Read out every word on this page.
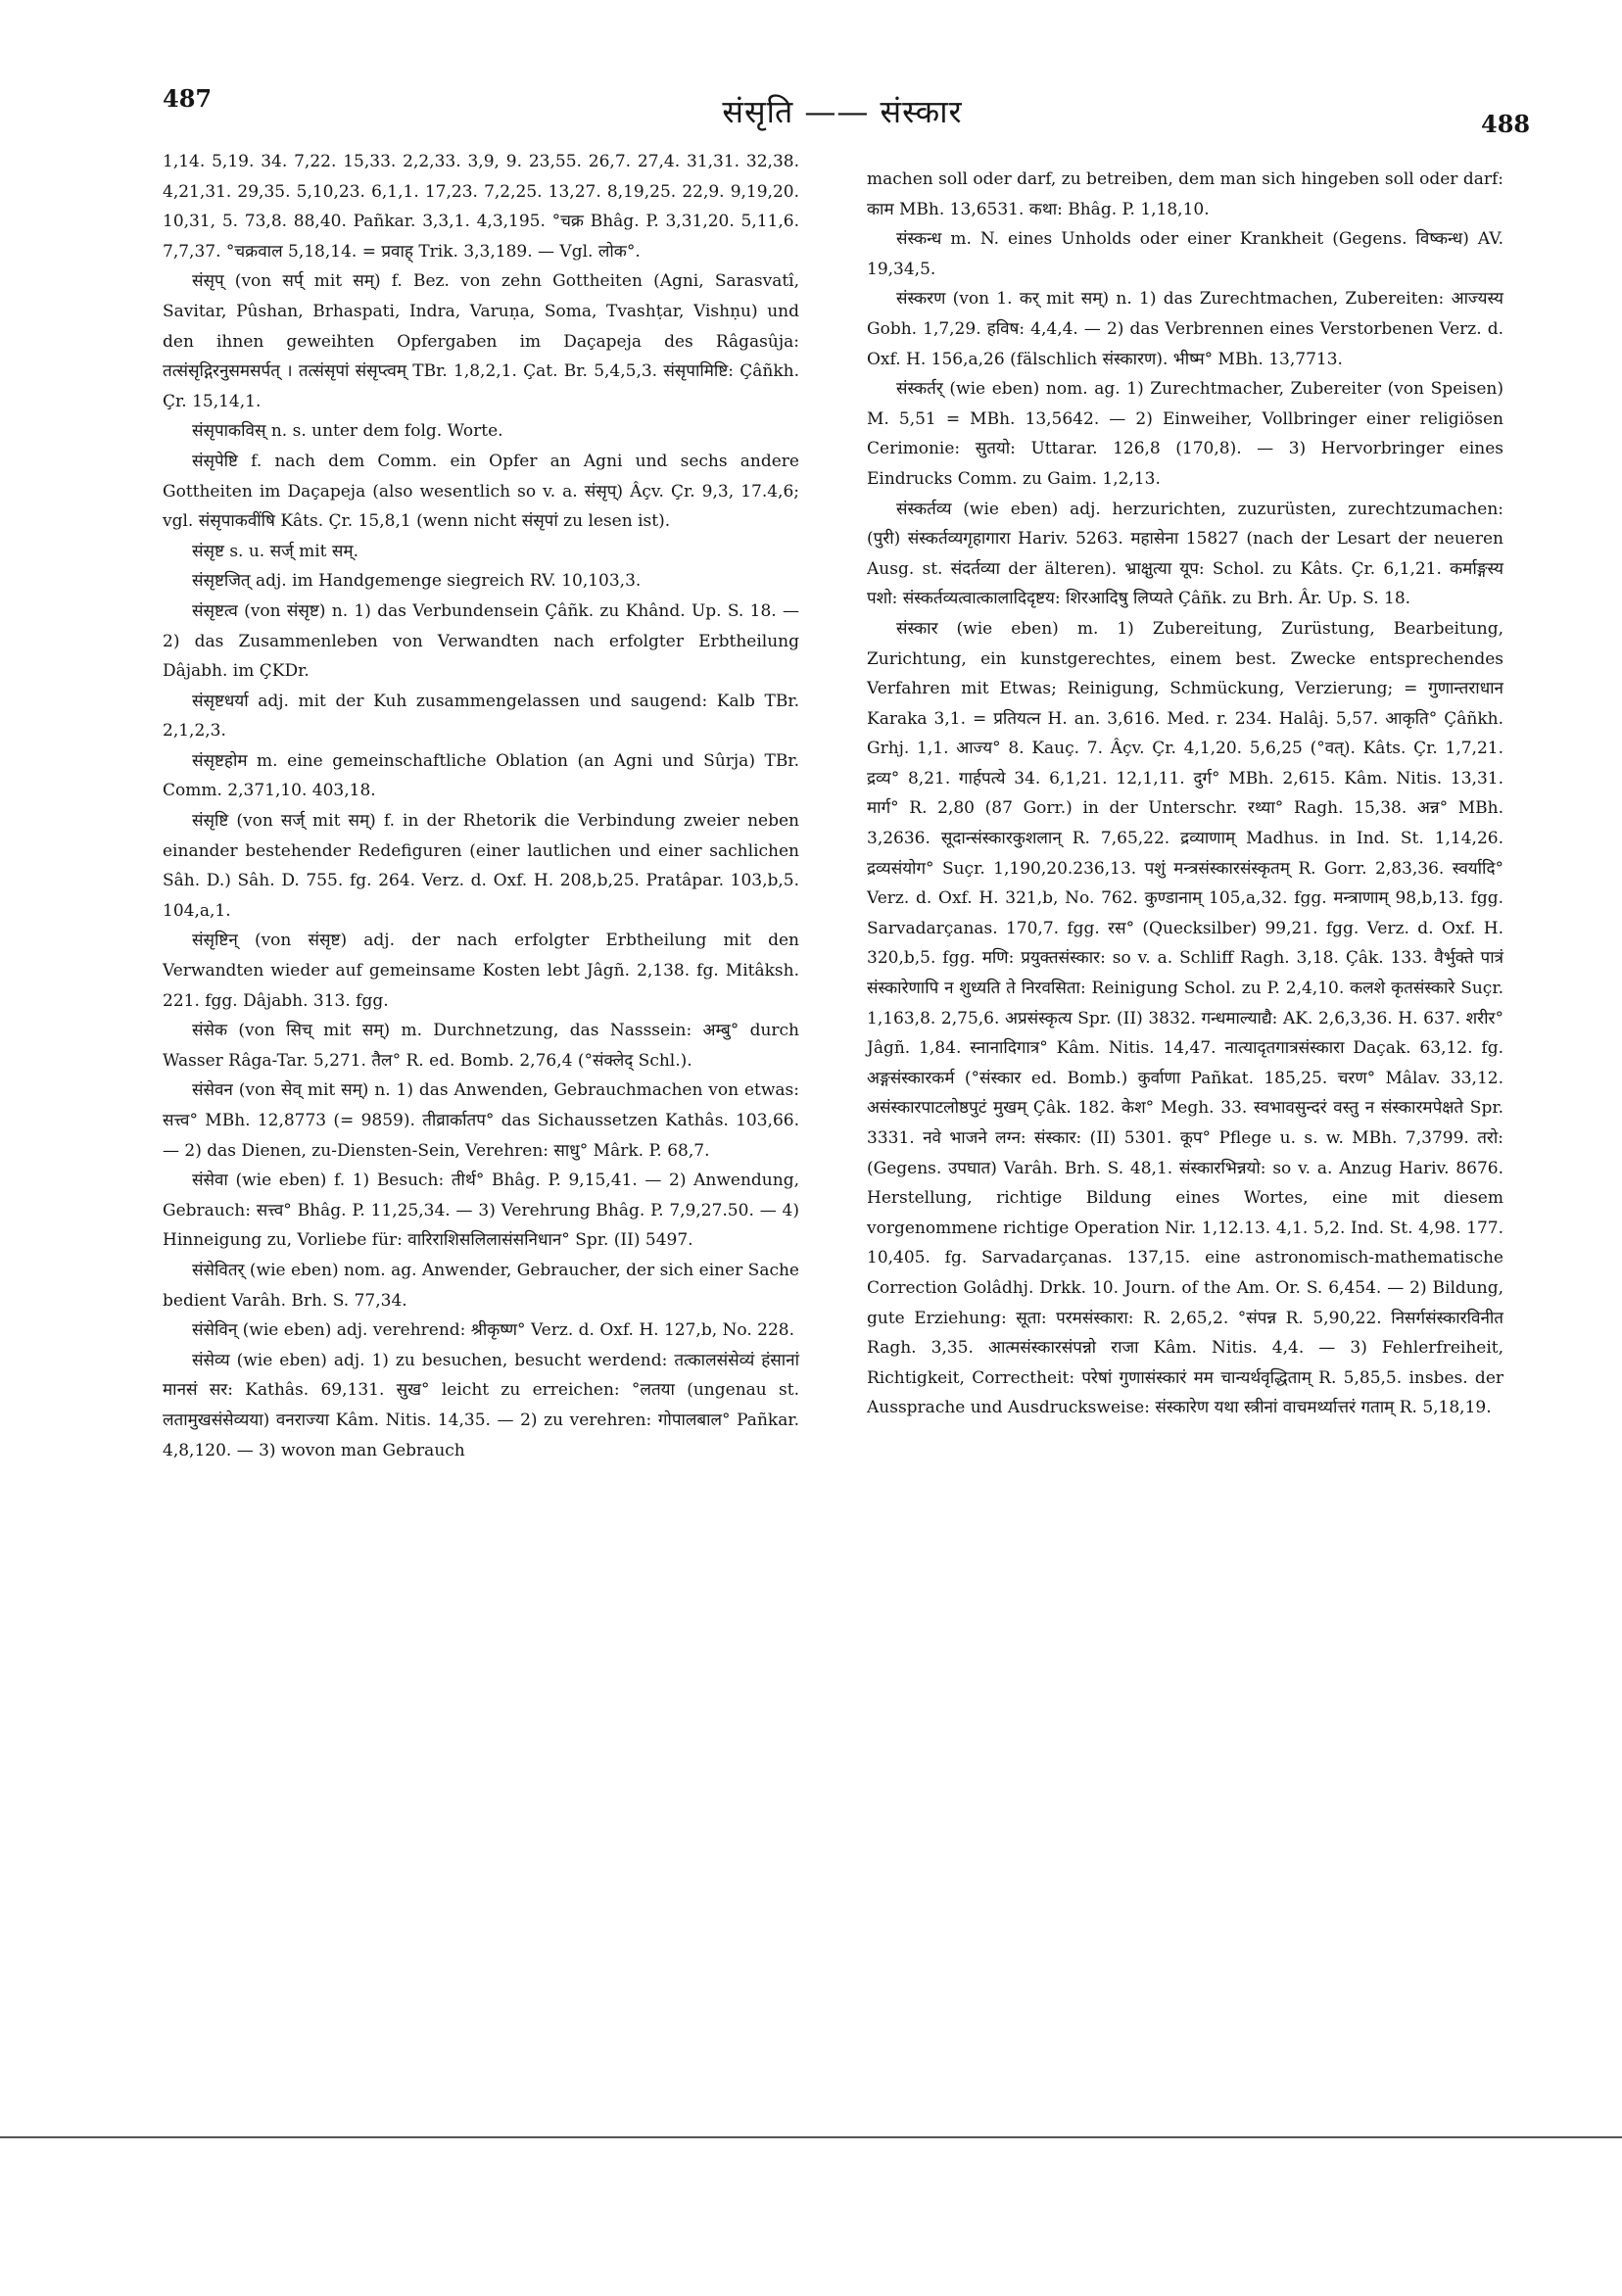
487	संसृति —— संस्कार	488

1,14. 5,19. 34. 7,22. 15,33. 2,2,33. 3,9, 9. 23,55. 26,7. 27,4. 31,31. 32,38. 4,21,31. 29,35. 5,10,23. 6,1,1. 17,23. 7,2,25. 13,27. 8,19,25. 22,9. 9,19,20. 10,31, 5. 73,8. 88,40. Pañkar. 3,3,1. 4,3,195. °चक्र Bhâg. P. 3,31,20. 5,11,6. 7,7,37. °चक्रवाल 5,18,14. = प्रवाह् Trik. 3,3,189. — Vgl. लोक°.

संसृप् (von सर्प् mit सम्) f. Bez. von zehn Gottheiten (Agni, Sarasvatî, Savitar, Pûshan, Brhaspati, Indra, Varuṇa, Soma, Tvashṭar, Vishṇu) und den ihnen geweihten Opfergaben im Daçapeja des Râgasûja: तत्संसृद्गिरनुसमसर्पत् । तत्संसृपां संसृप्त्वम् TBr. 1,8,2,1. Çat. Br. 5,4,5,3. संसृपामिष्टि: Çâñkh. Çr. 15,14,1.

संसृपाकविस् n. s. unter dem folg. Worte.

संसृपेष्टि f. nach dem Comm. ein Opfer an Agni und sechs andere Gottheiten im Daçapeja (also wesentlich so v. a. संसृप्) Âçv. Çr. 9,3, 17.4,6; vgl. संसृपाकवींषि Kâts. Çr. 15,8,1 (wenn nicht संसृपां zu lesen ist).

संसृष्ट s. u. सर्ज् mit सम्.

संसृष्टजित् adj. im Handgemenge siegreich RV. 10,103,3.

संसृष्टत्व (von संसृष्ट) n. 1) das Verbundensein Çâñk. zu Khând. Up. S. 18. — 2) das Zusammenleben von Verwandten nach erfolgter Erbtheilung Dâjabh. im ÇKDr.

संसृष्टधर्या adj. mit der Kuh zusammengelassen und saugend: Kalb TBr. 2,1,2,3.

संसृष्टहोम m. eine gemeinschaftliche Oblation (an Agni und Sûrja) TBr. Comm. 2,371,10. 403,18.

संसृष्टि (von सर्ज् mit सम्) f. in der Rhetorik die Verbindung zweier neben einander bestehender Redefiguren (einer lautlichen und einer sachlichen Sâh. D.) Sâh. D. 755. fg. 264. Verz. d. Oxf. H. 208,b,25. Pratâpar. 103,b,5. 104,a,1.

संसृष्टिन् (von संसृष्ट) adj. der nach erfolgter Erbtheilung mit den Verwandten wieder auf gemeinsame Kosten lebt Jâgñ. 2,138. fg. Mitâksh. 221. fgg. Dâjabh. 313. fgg.

संसेक (von सिच् mit सम्) m. Durchnetzung, das Nasssein: अम्बु° durch Wasser Râga-Tar. 5,271. तैल° R. ed. Bomb. 2,76,4 (°संक्लेद् Schl.).

संसेवन (von सेव् mit सम्) n. 1) das Anwenden, Gebrauchmachen von etwas: सत्त्व° MBh. 12,8773 (= 9859). तीव्रार्कातप° das Sichaussetzen Kathâs. 103,66. — 2) das Dienen, zu-Diensten-Sein, Verehren: साधु° Mârk. P. 68,7.

संसेवा (wie eben) f. 1) Besuch: तीर्थ° Bhâg. P. 9,15,41. — 2) Anwendung, Gebrauch: सत्त्व° Bhâg. P. 11,25,34. — 3) Verehrung Bhâg. P. 7,9,27.50. — 4) Hinneigung zu, Vorliebe für: वारिराशिसलिलासंसनिधान° Spr. (II) 5497.

संसेवितर् (wie eben) nom. ag. Anwender, Gebraucher, der sich einer Sache bedient Varâh. Brh. S. 77,34.

संसेविन् (wie eben) adj. verehrend: श्रीकृष्ण° Verz. d. Oxf. H. 127,b, No. 228.

संसेव्य (wie eben) adj. 1) zu besuchen, besucht werdend: तत्कालसंसेव्यं हंसानां मानसं सर: Kathâs. 69,131. सुख° leicht zu erreichen: °लतया (ungenau st. लतामुखसंसेव्यया) वनराज्या Kâm. Nitis. 14,35. — 2) zu verehren: गोपालबाल° Pañkar. 4,8,120. — 3) wovon man Gebrauch

machen soll oder darf, zu betreiben, dem man sich hingeben soll oder darf: काम MBh. 13,6531. कथा: Bhâg. P. 1,18,10.

संस्कन्ध m. N. eines Unholds oder einer Krankheit (Gegens. विष्कन्ध) AV. 19,34,5.

संस्करण (von 1. कर् mit सम्) n. 1) das Zurechtmachen, Zubereiten: आज्यस्य Gobh. 1,7,29. हविष: 4,4,4. — 2) das Verbrennen eines Verstorbenen Verz. d. Oxf. H. 156,a,26 (fälschlich संस्कारण). भीष्म° MBh. 13,7713.

संस्कर्तर् (wie eben) nom. ag. 1) Zurechtmacher, Zubereiter (von Speisen) M. 5,51 = MBh. 13,5642. — 2) Einweiher, Vollbringer einer religiösen Cerimonie: सुतयो: Uttarar. 126,8 (170,8). — 3) Hervorbringer eines Eindrucks Comm. zu Gaim. 1,2,13.

संस्कर्तव्य (wie eben) adj. herzurichten, zuzurüsten, zurechtzumachen: (पुरी) संस्कर्तव्यगृहागारा Hariv. 5263. महासेना 15827 (nach der Lesart der neueren Ausg. st. संदर्तव्या der älteren). भ्राक्षुत्या यूप: Schol. zu Kâts. Çr. 6,1,21. कर्माङ्गस्य पशो: संस्कर्तव्यत्वात्कालादिदृष्टय: शिरआदिषु लिप्यते Çâñk. zu Brh. Âr. Up. S. 18.

संस्कार (wie eben) m. 1) Zubereitung, Zurüstung, Bearbeitung, Zurichtung, ein kunstgerechtes, einem best. Zwecke entsprechendes Verfahren mit Etwas; Reinigung, Schmückung, Verzierung; = गुणान्तराधान Karaka 3,1. = प्रतियत्न H. an. 3,616. Med. r. 234. Halâj. 5,57. आकृति° Çâñkh. Grhj. 1,1. आज्य° 8. Kauç. 7. Âçv. Çr. 4,1,20. 5,6,25 (°वत्). Kâts. Çr. 1,7,21. द्रव्य° 8,21. गार्हपत्ये 34. 6,1,21. 12,1,11. दुर्ग° MBh. 2,615. Kâm. Nitis. 13,31. मार्ग° R. 2,80 (87 Gorr.) in der Unterschr. रथ्या° Ragh. 15,38. अन्न° MBh. 3,2636. सूदान्संस्कारकुशलान् R. 7,65,22. द्रव्याणाम् Madhus. in Ind. St. 1,14,26. द्रव्यसंयोग° Suçr. 1,190,20.236,13. पशुं मन्त्रसंस्कारसंस्कृतम् R. Gorr. 2,83,36. स्वर्यादि° Verz. d. Oxf. H. 321,b, No. 762. कुण्डानाम् 105,a,32. fgg. मन्त्राणाम् 98,b,13. fgg. Sarvadarçanas. 170,7. fgg. रस° (Quecksilber) 99,21. fgg. Verz. d. Oxf. H. 320,b,5. fgg. मणि: प्रयुक्तसंस्कार: so v. a. Schliff Ragh. 3,18. Çâk. 133. वैर्भुक्ते पात्रं संस्कारेणापि न शुध्यति ते निरवसिता: Reinigung Schol. zu P. 2,4,10. कलशे कृतसंस्कारे Suçr. 1,163,8. 2,75,6. अप्रसंस्कृत्य Spr. (II) 3832. गन्धमाल्याद्यै: AK. 2,6,3,36. H. 637. शरीर° Jâgñ. 1,84. स्नानादिगात्र° Kâm. Nitis. 14,47. नात्यादृतगात्रसंस्कारा Daçak. 63,12. fg. अङ्गसंस्कारकर्म (°संस्कार ed. Bomb.) कुर्वाणा Pañkat. 185,25. चरण° Mâlav. 33,12. असंस्कारपाटलोष्ठपुटं मुखम् Çâk. 182. केश° Megh. 33. स्वभावसुन्दरं वस्तु न संस्कारमपेक्षते Spr. 3331. नवे भाजने लग्न: संस्कार: (II) 5301. कूप° Pflege u. s. w. MBh. 7,3799. तरो: (Gegens. उपघात) Varâh. Brh. S. 48,1. संस्कारभिन्नयो: so v. a. Anzug Hariv. 8676. Herstellung, richtige Bildung eines Wortes, eine mit diesem vorgenommene richtige Operation Nir. 1,12.13. 4,1. 5,2. Ind. St. 4,98. 177. 10,405. fg. Sarvadarçanas. 137,15. eine astronomisch-mathematische Correction Golâdhj. Drkk. 10. Journ. of the Am. Or. S. 6,454. — 2) Bildung, gute Erziehung: सूता: परमसंस्कारा: R. 2,65,2. °संपन्न R. 5,90,22. निसर्गसंस्कारविनीत Ragh. 3,35. आत्मसंस्कारसंपन्नो राजा Kâm. Nitis. 4,4. — 3) Fehlerfreiheit, Richtigkeit, Correctheit: परेषां गुणासंस्कारं मम चान्यर्थवृद्धिताम् R. 5,85,5. insbes. der Aussprache und Ausdrucksweise: संस्कारेण यथा स्त्रीनां वाचमर्थ्यात्तरं गताम् R. 5,18,19.
